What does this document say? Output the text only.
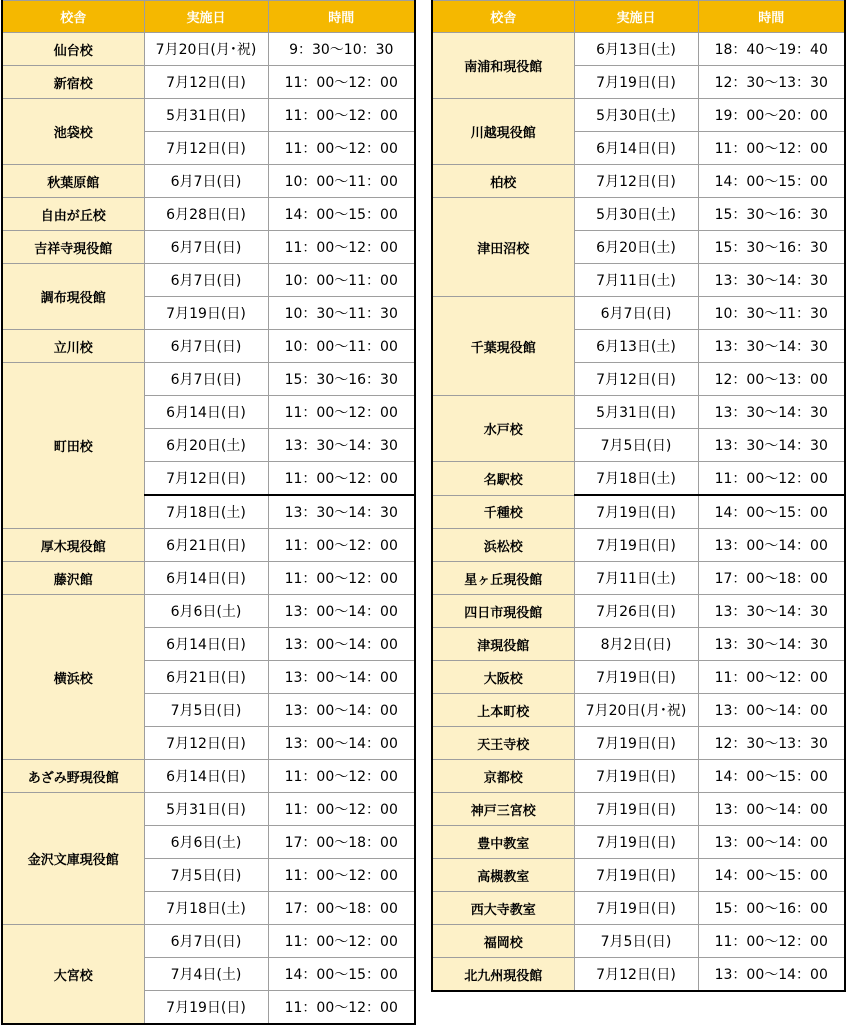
校舎	実施日	時間
仙台校	7月20日(月･祝)	9：30～10：30
新宿校	7月12日(日)	11：00～12：00
池袋校	5月31日(日)	11：00～12：00
	7月12日(日)	11：00～12：00
秋葉原館	6月7日(日)	10：00～11：00
自由が丘校	6月28日(日)	14：00～15：00
吉祥寺現役館	6月7日(日)	11：00～12：00
調布現役館	6月7日(日)	10：00～11：00
	7月19日(日)	10：30～11：30
立川校	6月7日(日)	10：00～11：00
町田校	6月7日(日)	15：30～16：30
	6月14日(日)	11：00～12：00
	6月20日(土)	13：30～14：30
	7月12日(日)	11：00～12：00
	7月18日(土)	13：30～14：30
厚木現役館	6月21日(日)	11：00～12：00
藤沢館	6月14日(日)	11：00～12：00
横浜校	6月6日(土)	13：00～14：00
	6月14日(日)	13：00～14：00
	6月21日(日)	13：00～14：00
	7月5日(日)	13：00～14：00
	7月12日(日)	13：00～14：00
あざみ野現役館	6月14日(日)	11：00～12：00
金沢文庫現役館	5月31日(日)	11：00～12：00
	6月6日(土)	17：00～18：00
	7月5日(日)	11：00～12：00
	7月18日(土)	17：00～18：00
大宮校	6月7日(日)	11：00～12：00
	7月4日(土)	14：00～15：00
	7月19日(日)	11：00～12：00
校舎	実施日	時間
南浦和現役館	6月13日(土)	18：40～19：40
	7月19日(日)	12：30～13：30
川越現役館	5月30日(土)	19：00～20：00
	6月14日(日)	11：00～12：00
柏校	7月12日(日)	14：00～15：00
津田沼校	5月30日(土)	15：30～16：30
	6月20日(土)	15：30～16：30
	7月11日(土)	13：30～14：30
千葉現役館	6月7日(日)	10：30～11：30
	6月13日(土)	13：30～14：30
	7月12日(日)	12：00～13：00
水戸校	5月31日(日)	13：30～14：30
	7月5日(日)	13：30～14：30
名駅校	7月18日(土)	11：00～12：00
千種校	7月19日(日)	14：00～15：00
浜松校	7月19日(日)	13：00～14：00
星ヶ丘現役館	7月11日(土)	17：00～18：00
四日市現役館	7月26日(日)	13：30～14：30
津現役館	8月2日(日)	13：30～14：30
大阪校	7月19日(日)	11：00～12：00
上本町校	7月20日(月･祝)	13：00～14：00
天王寺校	7月19日(日)	12：30～13：30
京都校	7月19日(日)	14：00～15：00
神戸三宮校	7月19日(日)	13：00～14：00
豊中教室	7月19日(日)	13：00～14：00
高槻教室	7月19日(日)	14：00～15：00
西大寺教室	7月19日(日)	15：00～16：00
福岡校	7月5日(日)	11：00～12：00
北九州現役館	7月12日(日)	13：00～14：00
